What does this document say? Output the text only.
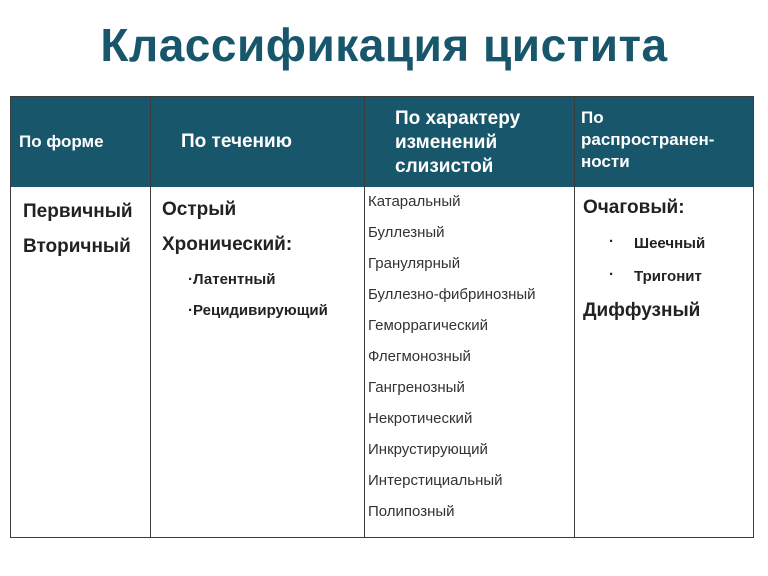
Классификация цистита
По форме	По течению
По характеру
изменений
слизистой
По
распространен-
ности
Первичный
Вторичный
Острый
Хронический:
·Латентный
·Рецидивирующий
Катаральный
Буллезный
Гранулярный
Буллезно-фибринозный
Геморрагический
Флегмонозный
Гангренозный
Некротический
Инкрустирующий
Интерстициальный
Полипозный
Очаговый:
· Шеечный
· Тригонит
Диффузный
